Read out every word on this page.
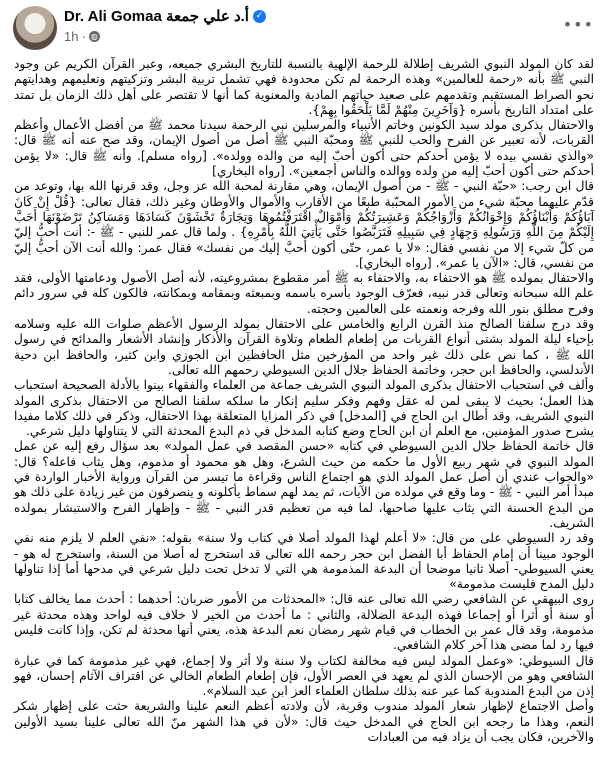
Dr. Ali Gomaa أ.د علي جمعة ✓
1h · ◍
•••

لقد كان المولد النبوي الشريف إطلالة للرحمة الإلهية بالنسبة للتاريخ البشري جميعه، وعبر القرآن الكريم عن وجود النبي ﷺ بأنه «رحمة للعالمين» وهذه الرحمة لم تكن محدودة فهي تشمل تربية البشر وتزكيتهم وتعليمهم وهدايتهم نحو الصراط المستقيم وتقدمهم على صعيد حياتهم المادية والمعنوية كما أنها لا تقتصر على أهل ذلك الزمان بل تمتد على امتداد التاريخ بأسره {وَآخَرِينَ مِنْهُمْ لَمَّا يَلْحَقُوا بِهِمْ}.

والاحتفال بذكرى مولد سيد الكونين وخاتم الأنبياء والمرسلين نبي الرحمة سيدنا محمد ﷺ من أفضل الأعمال وأعظم القربات، لأنه تعبير عن الفرح والحب للنبي ﷺ ومحبّة النبي ﷺ أصل من أصول الإيمان، وقد صح عنه أنه ﷺ قال: «والذي نفسي بيده لا يؤمن أحدكم حتى أكون أحبّ إليه من والده وولده». [رواه مسلم]. وأنه ﷺ قال: «لا يؤمن أحدكم حتى أكون أحبّ إليه من ولده ووالده والناس أجمعين». [رواه البخاري]

قال ابن رجب: «حبّة النبي - ﷺ - من أصول الإيمان، وهي مقارنة لمحبة الله عز وجل، وقد قرنها الله بها، وتوعد من قدّم عليهما محبّة شيء من الأمور المحبّبة طبعًا من الأقارب والأموال والأوطان وغير ذلك، فقال تعالى: {قُلْ إِنْ كَانَ آبَاؤُكُمْ وَأَبْنَاؤُكُمْ وَإِخْوَانُكُمْ وَأَزْوَاجُكُمْ وَعَشِيرَتُكُمْ وَأَمْوَالٌ اقْتَرَفْتُمُوهَا وَتِجَارَةٌ تَخْشَوْنَ كَسَادَهَا وَمَسَاكِنُ تَرْضَوْنَهَا أَحَبَّ إِلَيْكُمْ مِنَ اللَّهِ وَرَسُولِهِ وَجِهَادٍ فِي سَبِيلِهِ فَتَرَبَّصُوا حَتَّى يَأْتِيَ اللَّهُ بِأَمْرِهِ} . ولما قال عمر للنبي - ﷺ -: أنت أحبُّ إليّ من كلّ شيء إلا من نفسي فقال: «لا يا عمر، حتّى أكون أحبَّ إليك من نفسك» فقال عمر: والله أنت الآن أحبُّ إليّ من نفسي، قال: «الآن يا عمر». [رواه البخاري].

والاحتفال بمولده ﷺ هو الاحتفاء به، والاحتفاء به ﷺ أمر مقطوع بمشروعيته، لأنه أصل الأصول ودعامتها الأولى، فقد علم الله سبحانه وتعالى قدر نبيه، فعرّف الوجود بأسره باسمه وبمبعثه وبمقامه وبمكانته، فالكون كله في سرور دائم وفرح مطلق بنور الله وفرجه ونعمته على العالمين وحجته.

وقد درج سلفنا الصالح منذ القرن الرابع والخامس على الاحتفال بمولد الرسول الأعظم صلوات الله عليه وسلامه بإحياء ليلة المولد بشتى أنواع القربات من إطعام الطعام وتلاوة القرآن والأذكار وإنشاد الأشعار والمدائح في رسول الله ﷺ ، كما نص على ذلك غير واحد من المؤرخين مثل الحافظين ابن الجوزي وابن كثير، والحافظ ابن دحية الأندلسي، والحافظ ابن حجر، وخاتمة الحفاظ جلال الدين السيوطي رحمهم الله تعالى.

وألف في استحباب الاحتفال بذكرى المولد النبوي الشريف جماعة من العلماء والفقهاء بينوا بالأدلة الصحيحة استحباب هذا العمل؛ بحيث لا يبقى لمن له عقل وفهم وفكر سليم إنكار ما سلكه سلفنا الصالح من الاحتفال بذكرى المولد النبوي الشريف، وقد أطال ابن الحاج في [المدخل] في ذكر المزايا المتعلقة بهذا الاحتفال، وذكر في ذلك كلاما مفيدا يشرح صدور المؤمنين، مع العلم أن ابن الحاج وضع كتابه المدخل في ذم البدع المحدثة التي لا يتناولها دليل شرعي.

قال خاتمة الحفاظ جلال الدين السيوطي في كتابه «حسن المقصد في عمل المولد» بعد سؤال رفع إليه عن عمل المولد النبوي في شهر ربيع الأول ما حكمه من حيث الشرع، وهل هو محمود أو مذموم، وهل يثاب فاعله؟ قال: «والجواب عندي أن أصل عمل المولد الذي هو اجتماع الناس وقراءة ما تيسر من القرآن ورواية الأخبار الواردة في مبدأ أمر النبي - ﷺ - وما وقع في مولده من الآيات، ثم يمد لهم سماط يأكلونه و ينصرفون من غير زيادة على ذلك هو من البدع الحسنة التي يثاب عليها صاحبها، لما فيه من تعظيم قدر النبي - ﷺ - وإظهار الفرح والاستبشار بمولده الشريف.

وقد رد السيوطي على من قال: «لا أعلم لهذا المولد أصلا في كتاب ولا سنة» بقوله: «نفي العلم لا يلزم منه نفي الوجود مبينا أن إمام الحفاظ أبا الفضل ابن حجر رحمه الله تعالى قد استخرج له أصلا من السنة، واستخرج له هو - يعني السيوطي- أصلا ثانيا موضحا أن البدعة المذمومة هي التي لا تدخل تحت دليل شرعي في مدحها أما إذا تناولها دليل المدح فليست مذمومة»

روى البيهقي عن الشافعي رضي الله تعالى عنه قال: «المحدثات من الأمور ضربان: أحدهما : أحدث مما يخالف كتابا أو سنة أو أثرا أو إجماعا فهذه البدعة الضلالة، والثاني : ما أحدث من الخير لا خلاف فيه لواحد وهذه محدثة غير مذمومة، وقد قال عمر بن الخطاب في قيام شهر رمضان نعم البدعة هذه، يعني أنها محدثة لم تكن، وإذا كانت فليس فيها رد لما مضى هذا آخر كلام الشافعي.

قال السيوطي: «وعمل المولد ليس فيه مخالفة لكتاب ولا سنة ولا أثر ولا إجماع، فهي غير مذمومة كما في عبارة الشافعي وهو من الإحسان الذي لم يعهد في العصر الأول، فإن إطعام الطعام الخالي عن اقتراف الآثام إحسان، فهو إذن من البدع المندوبة كما عبر عنه بذلك سلطان العلماء العز ابن عبد السلام».

وأصل الاجتماع لإظهار شعار المولد مندوب وقربة، لأن ولادته أعظم النعم علينا والشريعة حثت على إظهار شكر النعم، وهذا ما رجحه ابن الحاج في المدخل حيث قال: «لأن في هذا الشهر منّ الله تعالى علينا بسيد الأولين والآخرين، فكان يجب أن يزاد فيه من العبادات
